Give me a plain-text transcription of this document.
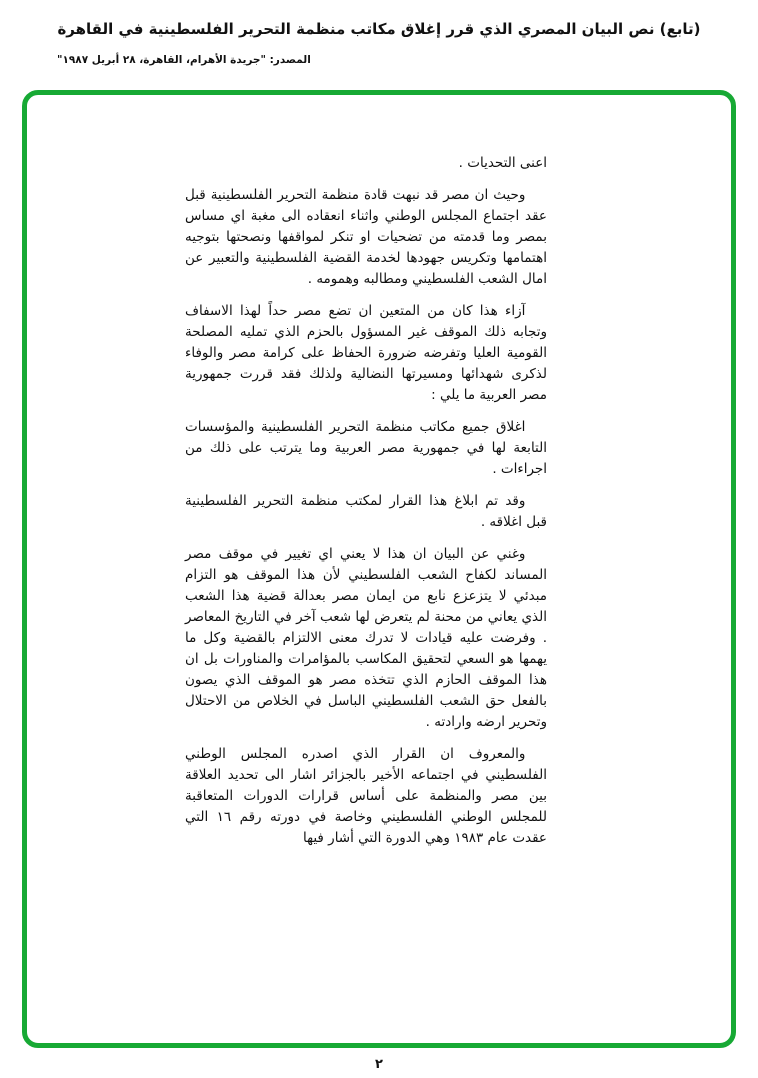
(تابع) نص البيان المصري الذي قرر إغلاق مكاتب منظمة التحرير الفلسطينية في القاهرة
المصدر: "جريدة الأهرام، القاهرة، ٢٨ أبريل ١٩٨٧"

اعنى التحديات .

وحيث ان مصر قد نبهت قادة منظمة التحرير الفلسطينية قبل عقد اجتماع المجلس الوطني واثناء انعقاده الى مغبة اي مساس بمصر وما قدمته من تضحيات او تنكر لمواقفها ونصحتها بتوجيه اهتمامها وتكريس جهودها لخدمة القضية الفلسطينية والتعبير عن امال الشعب الفلسطيني ومطالبه وهمومه .

آزاء هذا كان من المتعين ان تضع مصر حداً لهذا الاسفاف وتجابه ذلك الموقف غير المسؤول بالحزم الذي تمليه المصلحة القومية العليا وتفرضه ضرورة الحفاظ على كرامة مصر والوفاء لذكرى شهدائها ومسيرتها النضالية ولذلك فقد قررت جمهورية مصر العربية ما يلي :

اغلاق جميع مكاتب منظمة التحرير الفلسطينية والمؤسسات التابعة لها في جمهورية مصر العربية وما يترتب على ذلك من اجراءات .

وقد تم ابلاغ هذا القرار لمكتب منظمة التحرير الفلسطينية قبل اغلاقه .

وغني عن البيان ان هذا لا يعني اي تغيير في موقف مصر المساند لكفاح الشعب الفلسطيني لأن هذا الموقف هو التزام مبدئي لا يتزعزع نابع من ايمان مصر بعدالة قضية هذا الشعب الذي يعاني من محنة لم يتعرض لها شعب آخر في التاريخ المعاصر . وفرضت عليه قيادات لا تدرك معنى الالتزام بالقضية وكل ما يهمها هو السعي لتحقيق المكاسب بالمؤامرات والمناورات بل ان هذا الموقف الحازم الذي تتخذه مصر هو الموقف الذي يصون بالفعل حق الشعب الفلسطيني الباسل في الخلاص من الاحتلال وتحرير ارضه وارادته .

والمعروف ان القرار الذي اصدره المجلس الوطني الفلسطيني في اجتماعه الأخير بالجزائر اشار الى تحديد العلاقة بين مصر والمنظمة على أساس قرارات الدورات المتعاقبة للمجلس الوطني الفلسطيني وخاصة في دورته رقم ١٦ التي عقدت عام ١٩٨٣ وهي الدورة التي أشار فيها

٢
